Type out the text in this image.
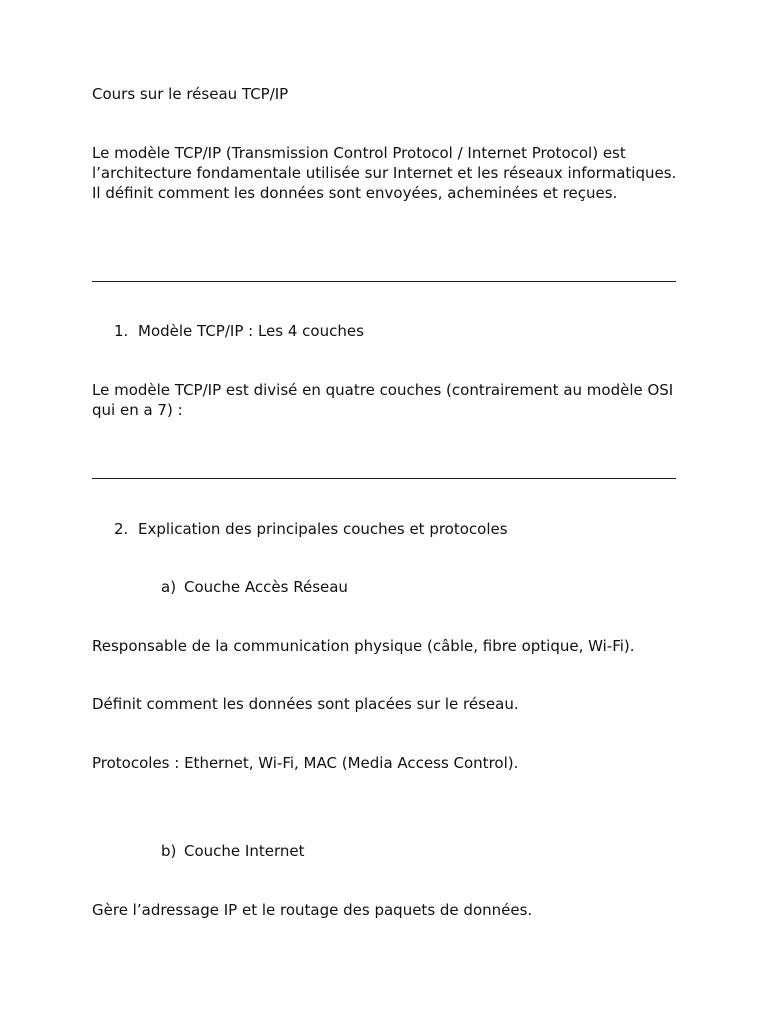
Cours sur le réseau TCP/IP

Le modèle TCP/IP (Transmission Control Protocol / Internet Protocol) est l’architecture fondamentale utilisée sur Internet et les réseaux informatiques. Il définit comment les données sont envoyées, acheminées et reçues.

1. Modèle TCP/IP : Les 4 couches

Le modèle TCP/IP est divisé en quatre couches (contrairement au modèle OSI qui en a 7) :

2. Explication des principales couches et protocoles
a) Couche Accès Réseau

Responsable de la communication physique (câble, fibre optique, Wi-Fi).

Définit comment les données sont placées sur le réseau.

Protocoles : Ethernet, Wi-Fi, MAC (Media Access Control).

b) Couche Internet

Gère l’adressage IP et le routage des paquets de données.
